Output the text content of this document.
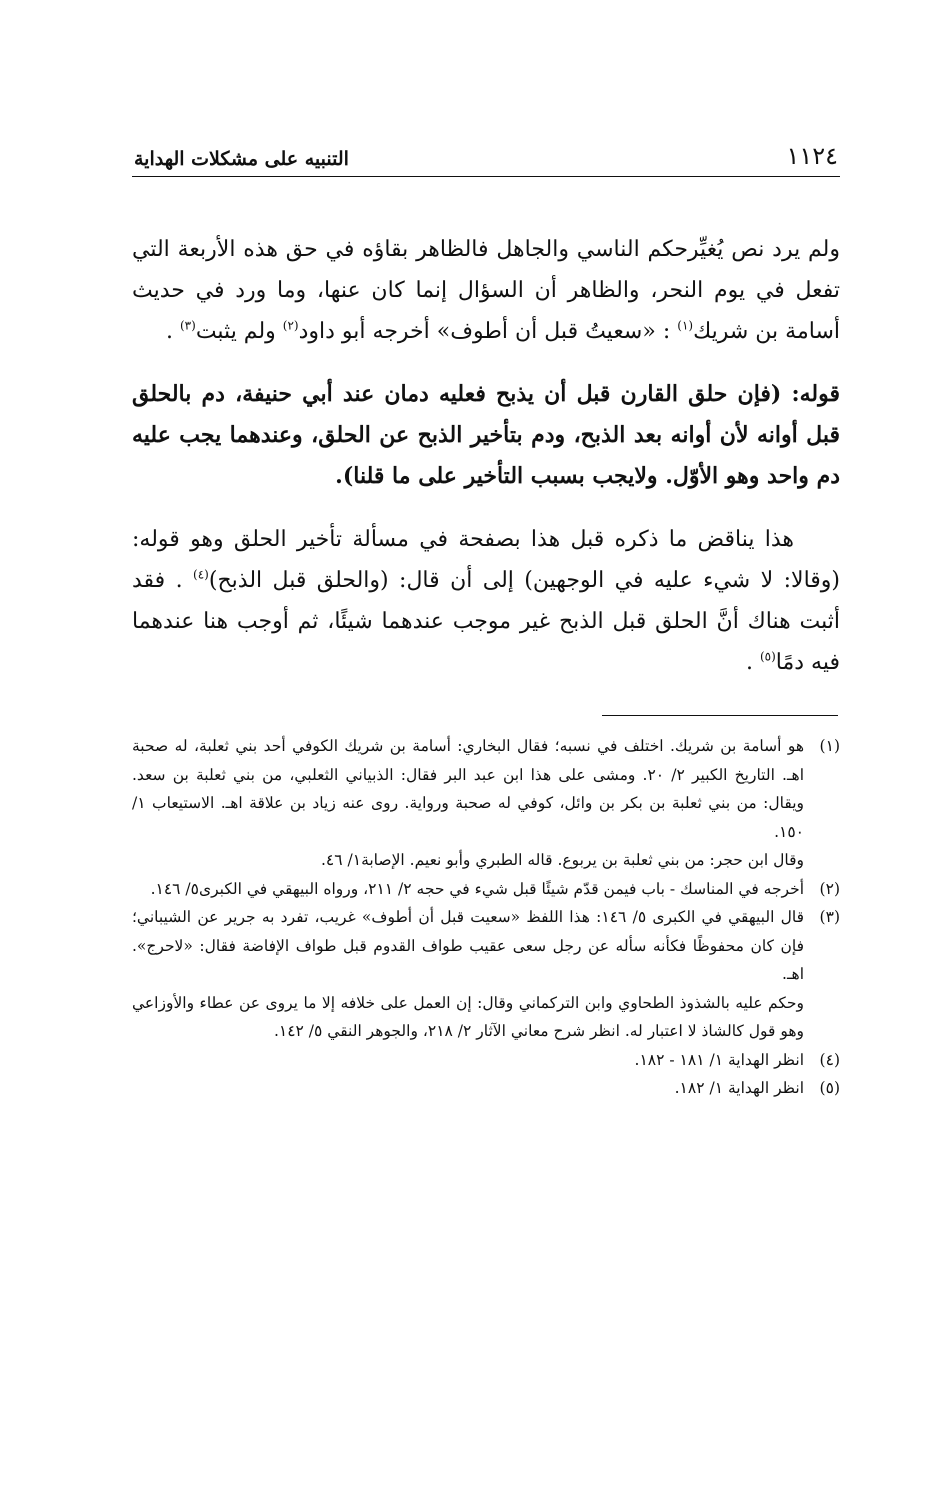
١١٢٤
التنبيه على مشكلات الهداية

ولم يرد نص يُغيِّرحكم الناسي والجاهل فالظاهر بقاؤه في حق هذه الأربعة التي تفعل في يوم النحر، والظاهر أن السؤال إنما كان عنها، وما ورد في حديث أسامة بن شريك$^{(١)}$ : «سعيتُ قبل أن أطوف» أخرجه أبو داود$^{(٢)}$ ولم يثبت$^{(٣)}$ .

قوله: (فإن حلق القارن قبل أن يذبح فعليه دمان عند أبي حنيفة، دم بالحلق قبل أوانه لأن أوانه بعد الذبح، ودم بتأخير الذبح عن الحلق، وعندهما يجب عليه دم واحد وهو الأوّل. ولايجب بسبب التأخير على ما قلنا).

هذا يناقض ما ذكره قبل هذا بصفحة في مسألة تأخير الحلق وهو قوله: (وقالا: لا شيء عليه في الوجهين) إلى أن قال: (والحلق قبل الذبح)$^{(٤)}$ . فقد أثبت هناك أنَّ الحلق قبل الذبح غير موجب عندهما شيئًا، ثم أوجب هنا عندهما فيه دمًا$^{(٥)}$ .

(١)
هو أسامة بن شريك. اختلف في نسبه؛ فقال البخاري: أسامة بن شريك الكوفي أحد بني ثعلبة، له صحبة اهـ. التاريخ الكبير ٢/ ٢٠. ومشى على هذا ابن عبد البر فقال: الذبياني الثعلبي، من بني ثعلبة بن سعد. ويقال: من بني ثعلبة بن بكر بن وائل، كوفي له صحبة ورواية. روى عنه زياد بن علاقة اهـ. الاستيعاب ١/ ١٥٠.
وقال ابن حجر: من بني ثعلبة بن يربوع. قاله الطبري وأبو نعيم. الإصابة١/ ٤٦.
(٢)
أخرجه في المناسك - باب فيمن قدّم شيئًا قبل شيء في حجه ٢/ ٢١١، ورواه البيهقي في الكبرى٥/ ١٤٦.
(٣)
قال البيهقي في الكبرى ٥/ ١٤٦: هذا اللفظ «سعيت قبل أن أطوف» غريب، تفرد به جرير عن الشيباني؛ فإن كان محفوظًا فكأنه سأله عن رجل سعى عقيب طواف القدوم قبل طواف الإفاضة فقال: «لاحرج». اهـ.
وحكم عليه بالشذوذ الطحاوي وابن التركماني وقال: إن العمل على خلافه إلا ما يروى عن عطاء والأوزاعي وهو قول كالشاذ لا اعتبار له. انظر شرح معاني الآثار ٢/ ٢١٨، والجوهر النقي ٥/ ١٤٢.
(٤)
انظر الهداية ١/ ١٨١ - ١٨٢.
(٥)
انظر الهداية ١/ ١٨٢.
